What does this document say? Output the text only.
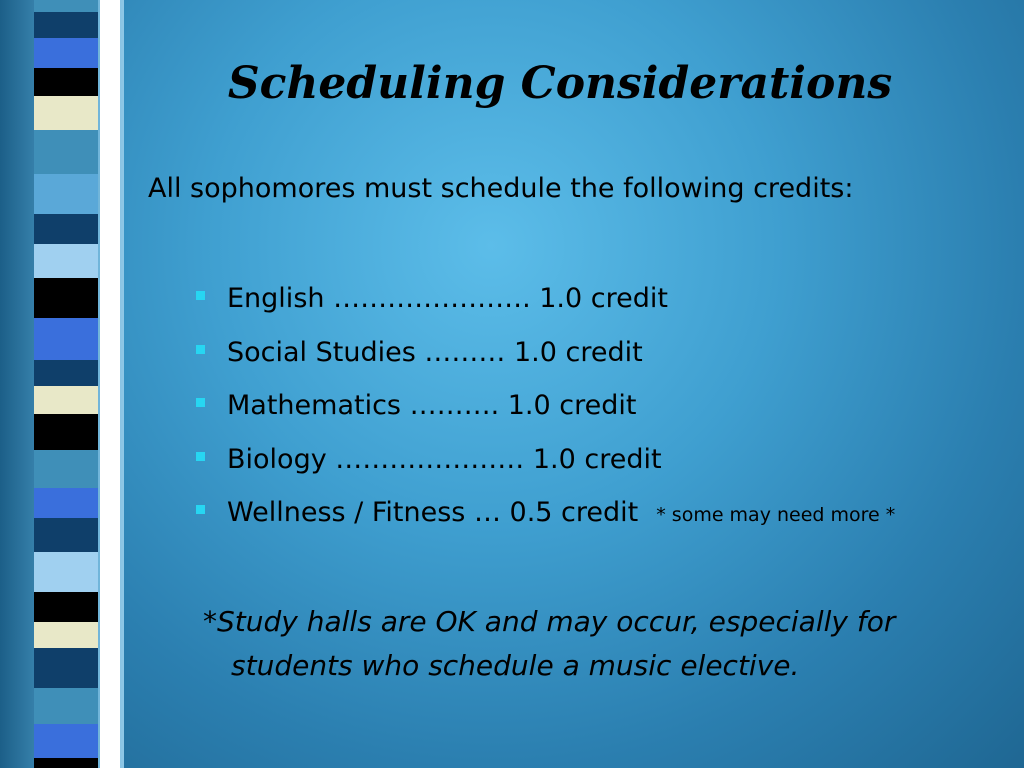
Scheduling Considerations

All sophomores must schedule the following credits:

English …………………. 1.0 credit
Social Studies ……… 1.0 credit
Mathematics ………. 1.0 credit
Biology ………………… 1.0 credit
Wellness / Fitness … 0.5 credit * some may need more *

*Study halls are OK and may occur, especially for students who schedule a music elective.
